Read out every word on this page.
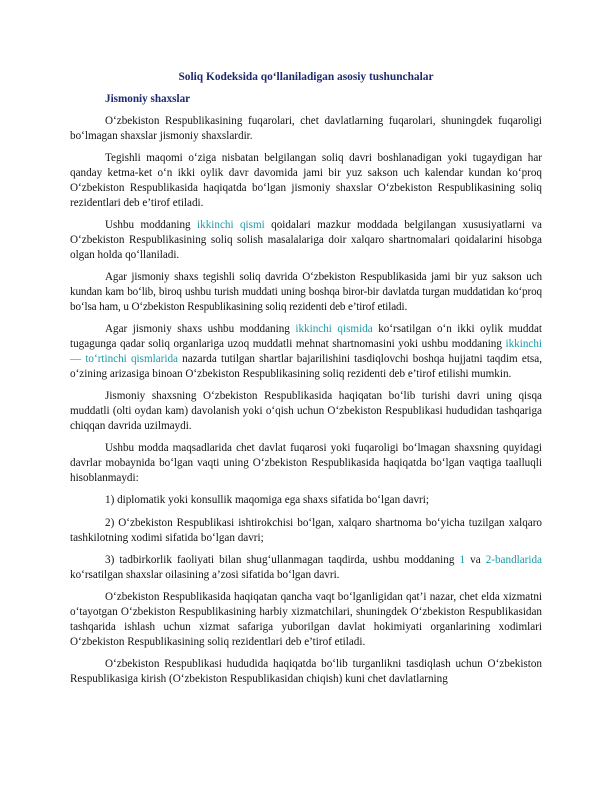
Soliq Kodeksida qo‘llaniladigan asosiy tushunchalar
Jismoniy shaxslar

O‘zbekiston Respublikasining fuqarolari, chet davlatlarning fuqarolari, shuningdek fuqaroligi bo‘lmagan shaxslar jismoniy shaxslardir.

Tegishli maqomi o‘ziga nisbatan belgilangan soliq davri boshlanadigan yoki tugaydigan har qanday ketma-ket o‘n ikki oylik davr davomida jami bir yuz sakson uch kalendar kundan ko‘proq O‘zbekiston Respublikasida haqiqatda bo‘lgan jismoniy shaxslar O‘zbekiston Respublikasining soliq rezidentlari deb e’tirof etiladi.

Ushbu moddaning ikkinchi qismi qoidalari mazkur moddada belgilangan xususiyatlarni va O‘zbekiston Respublikasining soliq solish masalalariga doir xalqaro shartnomalari qoidalarini hisobga olgan holda qo‘llaniladi.

Agar jismoniy shaxs tegishli soliq davrida O‘zbekiston Respublikasida jami bir yuz sakson uch kundan kam bo‘lib, biroq ushbu turish muddati uning boshqa biror-bir davlatda turgan muddatidan ko‘proq bo‘lsa ham, u O‘zbekiston Respublikasining soliq rezidenti deb e’tirof etiladi.

Agar jismoniy shaxs ushbu moddaning ikkinchi qismida ko‘rsatilgan o‘n ikki oylik muddat tugagunga qadar soliq organlariga uzoq muddatli mehnat shartnomasini yoki ushbu moddaning ikkinchi — to‘rtinchi qismlarida nazarda tutilgan shartlar bajarilishini tasdiqlovchi boshqa hujjatni taqdim etsa, o‘zining arizasiga binoan O‘zbekiston Respublikasining soliq rezidenti deb e’tirof etilishi mumkin.

Jismoniy shaxsning O‘zbekiston Respublikasida haqiqatan bo‘lib turishi davri uning qisqa muddatli (olti oydan kam) davolanish yoki o‘qish uchun O‘zbekiston Respublikasi hududidan tashqariga chiqqan davrida uzilmaydi.

Ushbu modda maqsadlarida chet davlat fuqarosi yoki fuqaroligi bo‘lmagan shaxsning quyidagi davrlar mobaynida bo‘lgan vaqti uning O‘zbekiston Respublikasida haqiqatda bo‘lgan vaqtiga taalluqli hisoblanmaydi:

1) diplomatik yoki konsullik maqomiga ega shaxs sifatida bo‘lgan davri;

2) O‘zbekiston Respublikasi ishtirokchisi bo‘lgan, xalqaro shartnoma bo‘yicha tuzilgan xalqaro tashkilotning xodimi sifatida bo‘lgan davri;

3) tadbirkorlik faoliyati bilan shug‘ullanmagan taqdirda, ushbu moddaning 1 va 2-bandlarida ko‘rsatilgan shaxslar oilasining a’zosi sifatida bo‘lgan davri.

O‘zbekiston Respublikasida haqiqatan qancha vaqt bo‘lganligidan qat’i nazar, chet elda xizmatni o‘tayotgan O‘zbekiston Respublikasining harbiy xizmatchilari, shuningdek O‘zbekiston Respublikasidan tashqarida ishlash uchun xizmat safariga yuborilgan davlat hokimiyati organlarining xodimlari O‘zbekiston Respublikasining soliq rezidentlari deb e’tirof etiladi.

O‘zbekiston Respublikasi hududida haqiqatda bo‘lib turganlikni tasdiqlash uchun O‘zbekiston Respublikasiga kirish (O‘zbekiston Respublikasidan chiqish) kuni chet davlatlarning
